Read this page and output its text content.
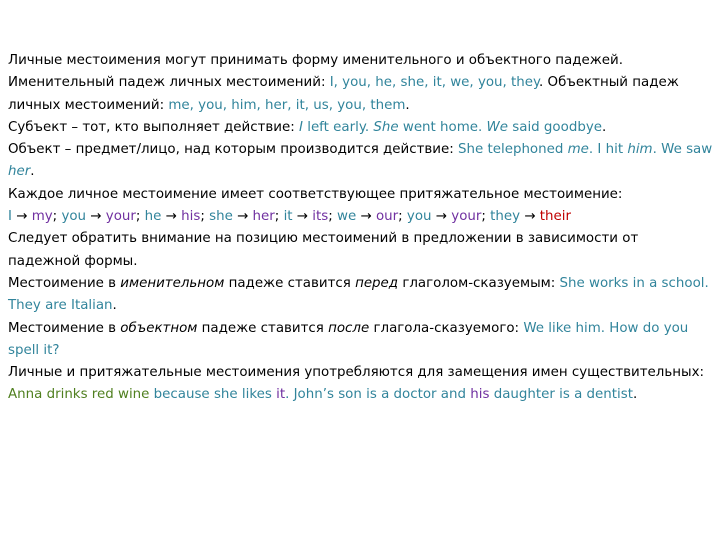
Личные местоимения могут принимать форму именительного и объектного падежей. Именительный падеж личных местоимений: I, you, he, she, it, we, you, they. Объектный падеж личных местоимений: me, you, him, her, it, us, you, them.

Субъект – тот, кто выполняет действие: I left early. She went home. We said goodbye.

Объект – предмет/лицо, над которым производится действие: She telephoned me. I hit him. We saw her.

Каждое личное местоимение имеет соответствующее притяжательное местоимение:

I → my; you → your; he → his; she → her; it → its; we → our; you → your; they → their

Следует обратить внимание на позицию местоимений в предложении в зависимости от падежной формы.

Местоимение в именительном падеже ставится перед глаголом-сказуемым: She works in a school. They are Italian.

Местоимение в объектном падеже ставится после глагола-сказуемого: We like him. How do you spell it?

Личные и притяжательные местоимения употребляются для замещения имен существительных: Anna drinks red wine because she likes it. John’s son is a doctor and his daughter is a dentist.
